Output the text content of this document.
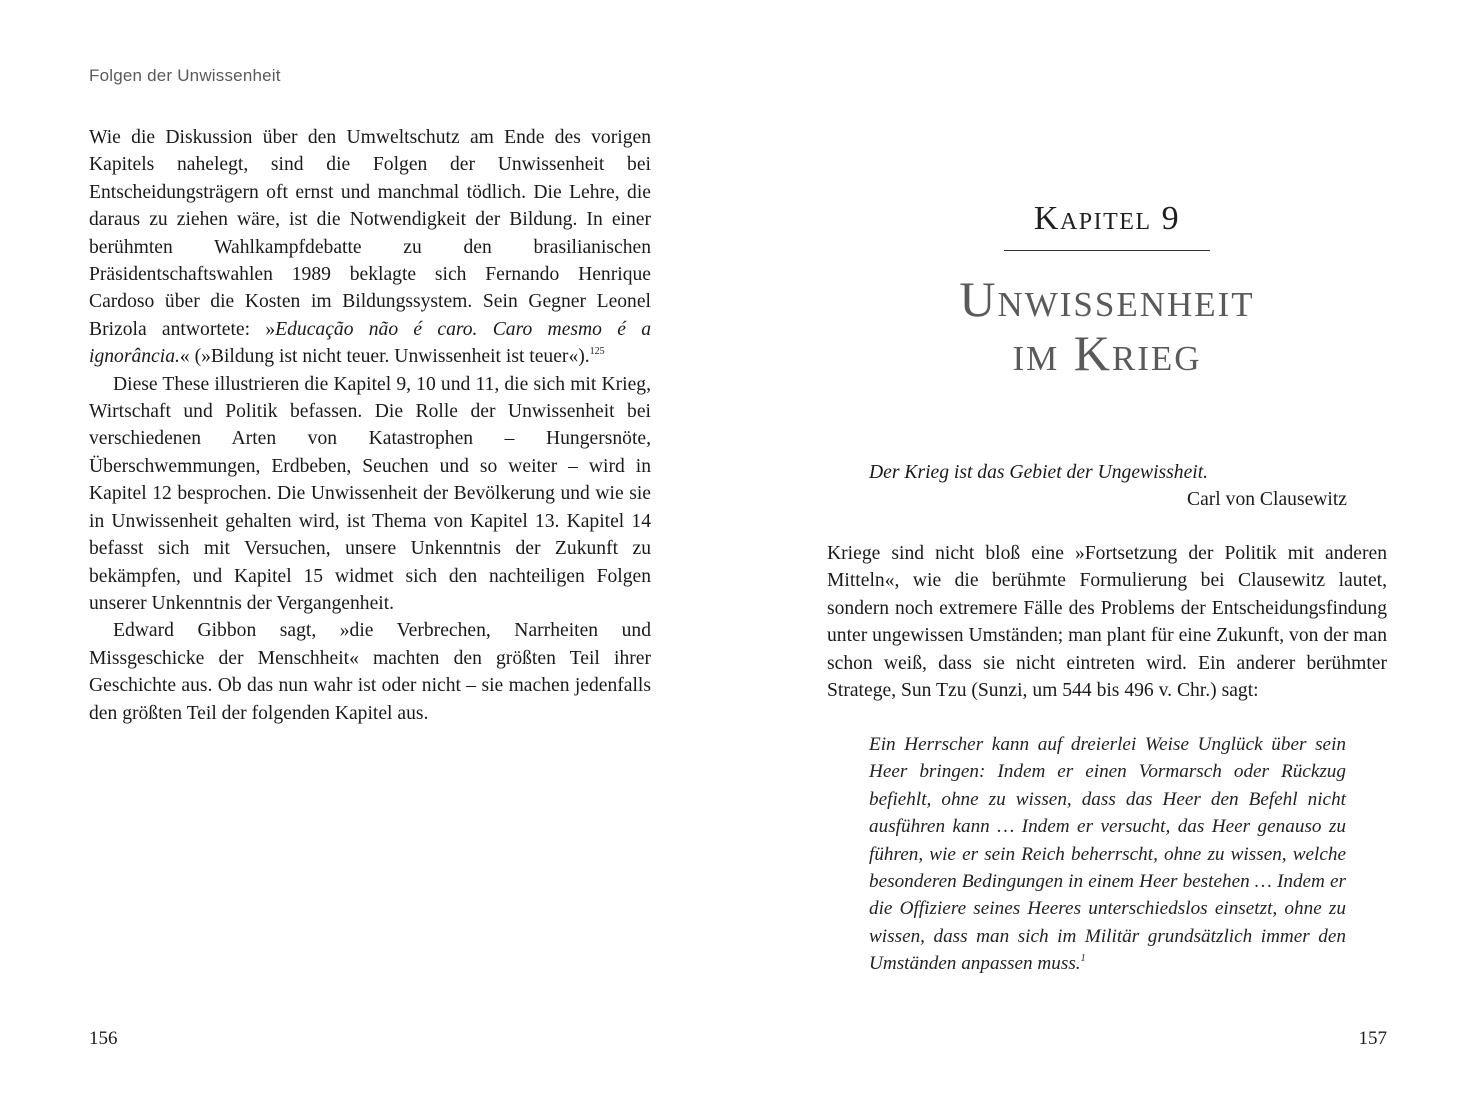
Folgen der Unwissenheit

Wie die Diskussion über den Umweltschutz am Ende des vorigen Kapitels nahelegt, sind die Folgen der Unwissenheit bei Entscheidungsträgern oft ernst und manchmal tödlich. Die Lehre, die daraus zu ziehen wäre, ist die Notwendigkeit der Bildung. In einer berühmten Wahlkampfdebatte zu den brasilianischen Präsidentschaftswahlen 1989 beklagte sich Fernando Henrique Cardoso über die Kosten im Bildungssystem. Sein Gegner Leonel Brizola antwortete: »Educação não é caro. Caro mesmo é a ignorância.« (»Bildung ist nicht teuer. Unwissenheit ist teuer«).$^{125}$

Diese These illustrieren die Kapitel 9, 10 und 11, die sich mit Krieg, Wirtschaft und Politik befassen. Die Rolle der Unwissenheit bei verschiedenen Arten von Katastrophen – Hungersnöte, Überschwemmungen, Erdbeben, Seuchen und so weiter – wird in Kapitel 12 besprochen. Die Unwissenheit der Bevölkerung und wie sie in Unwissenheit gehalten wird, ist Thema von Kapitel 13. Kapitel 14 befasst sich mit Versuchen, unsere Unkenntnis der Zukunft zu bekämpfen, und Kapitel 15 widmet sich den nachteiligen Folgen unserer Unkenntnis der Vergangenheit.

Edward Gibbon sagt, »die Verbrechen, Narrheiten und Missgeschicke der Menschheit« machten den größten Teil ihrer Geschichte aus. Ob das nun wahr ist oder nicht – sie machen jedenfalls den größten Teil der folgenden Kapitel aus.

156
Kapitel 9
Unwissenheit
im Krieg
Der Krieg ist das Gebiet der Ungewissheit.
Carl von Clausewitz

Kriege sind nicht bloß eine »Fortsetzung der Politik mit anderen Mitteln«, wie die berühmte Formulierung bei Clausewitz lautet, sondern noch extremere Fälle des Problems der Entscheidungsfindung unter ungewissen Umständen; man plant für eine Zukunft, von der man schon weiß, dass sie nicht eintreten wird. Ein anderer berühmter Stratege, Sun Tzu (Sunzi, um 544 bis 496 v. Chr.) sagt:

Ein Herrscher kann auf dreierlei Weise Unglück über sein Heer bringen: Indem er einen Vormarsch oder Rückzug befiehlt, ohne zu wissen, dass das Heer den Befehl nicht ausführen kann … Indem er versucht, das Heer genauso zu führen, wie er sein Reich beherrscht, ohne zu wissen, welche besonderen Bedingungen in einem Heer bestehen … Indem er die Offiziere seines Heeres unterschiedslos einsetzt, ohne zu wissen, dass man sich im Militär grundsätzlich immer den Umständen anpassen muss.$^1$
157
